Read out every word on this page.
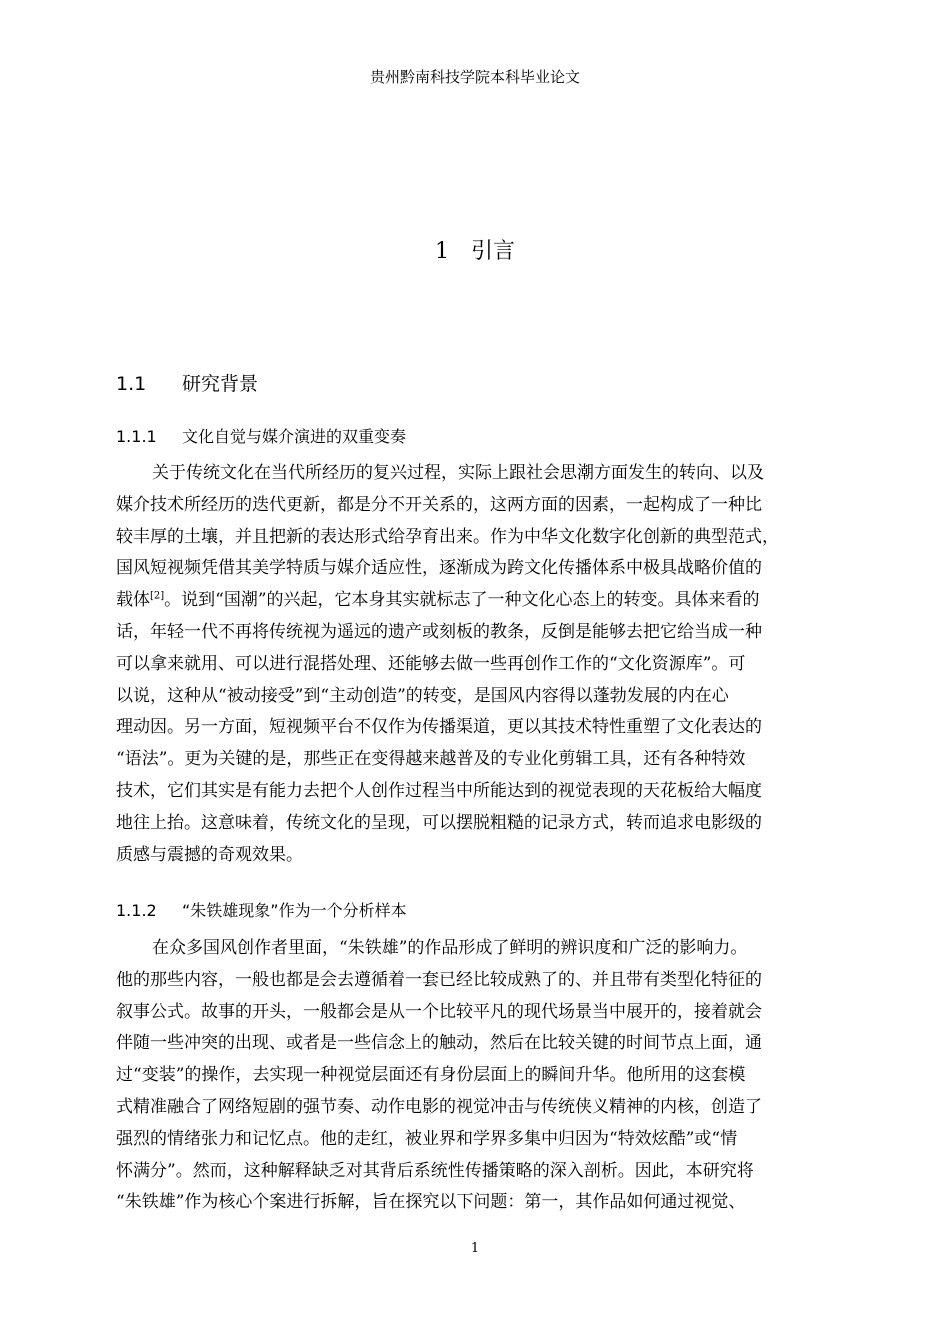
贵州黔南科技学院本科毕业论文
1 引言
1.1 研究背景
1.1.1 文化自觉与媒介演进的双重变奏
关于传统文化在当代所经历的复兴过程，实际上跟社会思潮方面发生的转向、以及
媒介技术所经历的迭代更新，都是分不开关系的，这两方面的因素，一起构成了一种比
较丰厚的土壤，并且把新的表达形式给孕育出来。作为中华文化数字化创新的典型范式，
国风短视频凭借其美学特质与媒介适应性，逐渐成为跨文化传播体系中极具战略价值的
载体[2]。说到“国潮”的兴起，它本身其实就标志了一种文化心态上的转变。具体来看的
话，年轻一代不再将传统视为遥远的遗产或刻板的教条，反倒是能够去把它给当成一种
可以拿来就用、可以进行混搭处理、还能够去做一些再创作工作的“文化资源库”。可
以说，这种从“被动接受”到“主动创造”的转变，是国风内容得以蓬勃发展的内在心
理动因。另一方面，短视频平台不仅作为传播渠道，更以其技术特性重塑了文化表达的
“语法”。更为关键的是，那些正在变得越来越普及的专业化剪辑工具，还有各种特效
技术，它们其实是有能力去把个人创作过程当中所能达到的视觉表现的天花板给大幅度
地往上抬。这意味着，传统文化的呈现，可以摆脱粗糙的记录方式，转而追求电影级的
质感与震撼的奇观效果。
1.1.2 “朱铁雄现象”作为一个分析样本
在众多国风创作者里面，“朱铁雄”的作品形成了鲜明的辨识度和广泛的影响力。
他的那些内容，一般也都是会去遵循着一套已经比较成熟了的、并且带有类型化特征的
叙事公式。故事的开头，一般都会是从一个比较平凡的现代场景当中展开的，接着就会
伴随一些冲突的出现、或者是一些信念上的触动，然后在比较关键的时间节点上面，通
过“变装”的操作，去实现一种视觉层面还有身份层面上的瞬间升华。他所用的这套模
式精准融合了网络短剧的强节奏、动作电影的视觉冲击与传统侠义精神的内核，创造了
强烈的情绪张力和记忆点。他的走红，被业界和学界多集中归因为“特效炫酷”或“情
怀满分”。然而，这种解释缺乏对其背后系统性传播策略的深入剖析。因此，本研究将
“朱铁雄”作为核心个案进行拆解，旨在探究以下问题：第一，其作品如何通过视觉、
1
